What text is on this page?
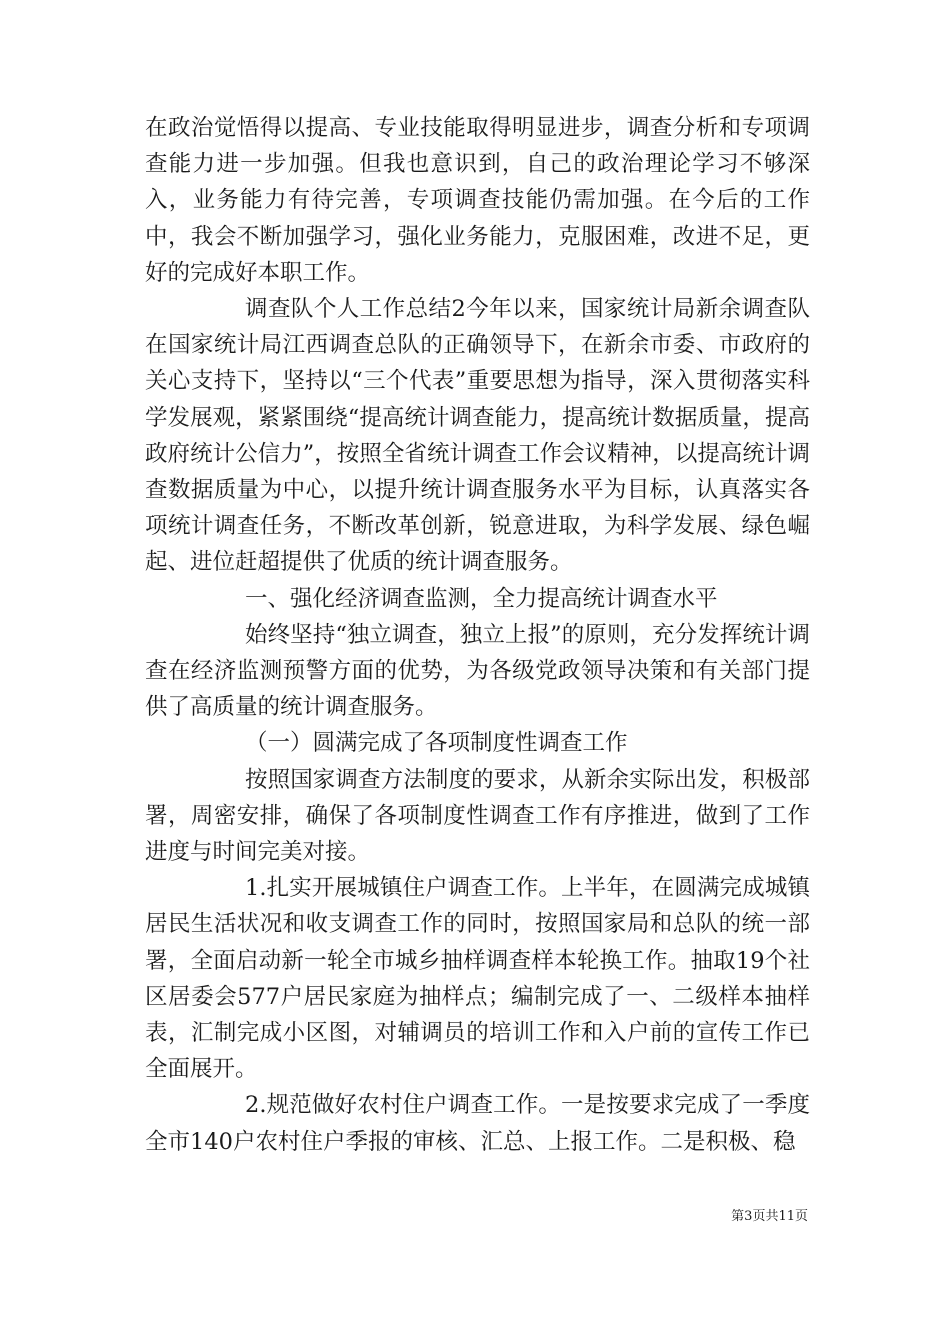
在政治觉悟得以提高、专业技能取得明显进步，调查分析和专项调查能力进一步加强。但我也意识到，自己的政治理论学习不够深入，业务能力有待完善，专项调查技能仍需加强。在今后的工作中，我会不断加强学习，强化业务能力，克服困难，改进不足，更好的完成好本职工作。

调查队个人工作总结2今年以来，国家统计局新余调查队在国家统计局江西调查总队的正确领导下，在新余市委、市政府的关心支持下，坚持以“三个代表”重要思想为指导，深入贯彻落实科学发展观，紧紧围绕“提高统计调查能力，提高统计数据质量，提高政府统计公信力”，按照全省统计调查工作会议精神，以提高统计调查数据质量为中心，以提升统计调查服务水平为目标，认真落实各项统计调查任务，不断改革创新，锐意进取，为科学发展、绿色崛起、进位赶超提供了优质的统计调查服务。

一、强化经济调查监测，全力提高统计调查水平

始终坚持“独立调查，独立上报”的原则，充分发挥统计调查在经济监测预警方面的优势，为各级党政领导决策和有关部门提供了高质量的统计调查服务。

（一）圆满完成了各项制度性调查工作

按照国家调查方法制度的要求，从新余实际出发，积极部署，周密安排，确保了各项制度性调查工作有序推进，做到了工作进度与时间完美对接。

1.扎实开展城镇住户调查工作。上半年，在圆满完成城镇居民生活状况和收支调查工作的同时，按照国家局和总队的统一部署，全面启动新一轮全市城乡抽样调查样本轮换工作。抽取19个社区居委会577户居民家庭为抽样点；编制完成了一、二级样本抽样表，汇制完成小区图，对辅调员的培训工作和入户前的宣传工作已全面展开。

2.规范做好农村住户调查工作。一是按要求完成了一季度全市140户农村住户季报的审核、汇总、上报工作。二是积极、稳

第3页共11页
